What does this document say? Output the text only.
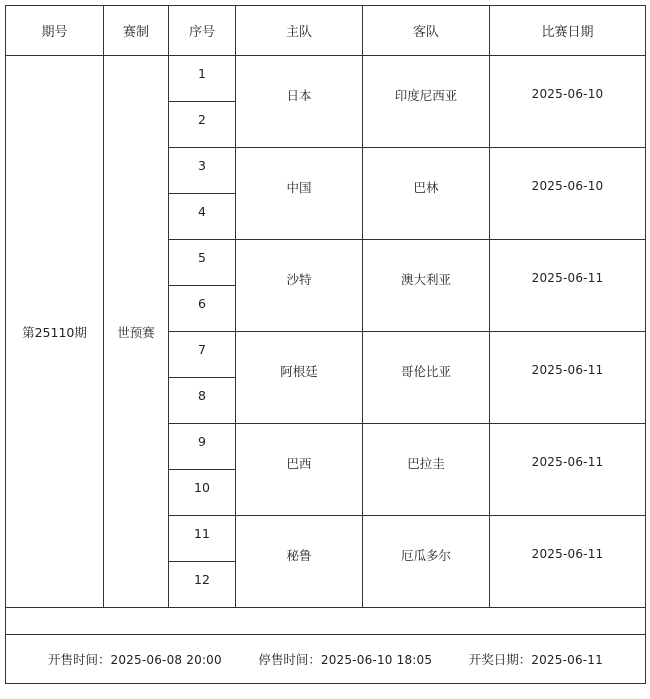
期号	赛制	序号	主队	客队	比赛日期
第25110期	世预赛	1	日本	印度尼西亚	2025-06-10
		2			
		3	中国	巴林	2025-06-10
		4			
		5	沙特	澳大利亚	2025-06-11
		6			
		7	阿根廷	哥伦比亚	2025-06-11
		8			
		9	巴西	巴拉圭	2025-06-11
		10			
		11	秘鲁	厄瓜多尔	2025-06-11
		12			

开售时间：2025-06-08 20:00 停售时间：2025-06-10 18:05 开奖日期：2025-06-11					
